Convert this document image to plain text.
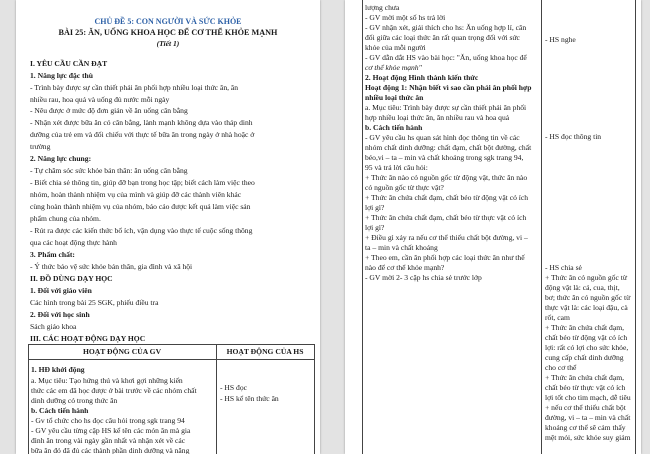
CHỦ ĐỀ 5: CON NGƯỜI VÀ SỨC KHỎE
BÀI 25: ĂN, UỐNG KHOA HỌC ĐỂ CƠ THỂ KHỎE MẠNH
(Tiết 1)
I. YÊU CẦU CẦN ĐẠT
1. Năng lực đặc thù
- Trình bày được sự cần thiết phải ăn phối hợp nhiều loại thức ăn, ăn
nhiều rau, hoa quả và uống đủ nước mỗi ngày
- Nêu được ở mức độ đơn giản về ăn uống cân bằng
- Nhận xét được bữa ăn có cân bằng, lành mạnh không dựa vào tháp dinh
dưỡng của trẻ em và đối chiếu với thực tế bữa ăn trong ngày ở nhà hoặc ở
trường
2. Năng lực chung:
- Tự chăm sóc sức khỏe bản thân: ăn uống cân bằng
- Biết chia sẻ thông tin, giúp đỡ bạn trong học tập; biết cách làm việc theo
nhóm, hoàn thành nhiệm vụ của mình và giúp đỡ các thành viên khác
cùng hoàn thành nhiệm vụ của nhóm, báo cáo được kết quả làm việc sản
phẩm chung của nhóm.
- Rút ra được các kiến thức bổ ích, vận dụng vào thực tế cuộc sống thông
qua các hoạt động thực hành
3. Phẩm chất:
- Ý thức bảo vệ sức khỏe bản thân, gia đình và xã hội
II. ĐỒ DÙNG DẠY HỌC
1. Đối với giáo viên
Các hình trong bài 25 SGK, phiếu điều tra
2. Đối với học sinh
Sách giáo khoa
III. CÁC HOẠT ĐỘNG DẠY HỌC
HOẠT ĐỘNG CỦA GV	HOẠT ĐỘNG CỦA HS
1. HĐ khởi động
a. Mục tiêu: Tạo hứng thú và khơi gợi những kiến
thức các em đã học được ở bài trước về các nhóm chất
dinh dưỡng có trong thức ăn
b. Cách tiến hành
- Gv tổ chức cho hs đọc câu hỏi trong sgk trang 94
- GV yêu cầu từng cặp HS kể tên các món ăn mà gia
đình ăn trong vài ngày gần nhất và nhận xét về các
bữa ăn đó đã đủ các thành phần dinh dưỡng và năng
- HS đọc
- HS kể tên thức ăn
lượng chưa
- GV mời một số hs trả lời
- GV nhận xét, giải thích cho hs: Ăn uống hợp lí, cân
đối giữa các loại thức ăn rất quan trọng đối với sức
khỏe của mỗi người
- GV dẫn dắt HS vào bài học: "Ăn, uống khoa học để
cơ thể khỏe mạnh"
2. Hoạt động Hình thành kiến thức
Hoạt động 1: Nhận biết vì sao cần phải ăn phối hợp
nhiều loại thức ăn
a. Mục tiêu: Trình bày được sự cần thiết phải ăn phối
hợp nhiều loại thức ăn, ăn nhiều rau và hoa quả
b. Cách tiến hành
- GV yêu cầu hs quan sát hình đọc thông tin về các
nhóm chất dinh dưỡng: chất đạm, chất bột đường, chất
béo,vi – ta – min và chất khoáng trong sgk trang 94,
95 và trả lời câu hỏi:
+ Thức ăn nào có nguồn gốc từ động vật, thức ăn nào
có nguồn gốc từ thực vật?
+ Thức ăn chứa chất đạm, chất béo từ động vật có ích
lợi gì?
+ Thức ăn chứa chất đạm, chất béo từ thực vật có ích
lợi gì?
+ Điều gì xảy ra nếu cơ thể thiếu chất bột đường, vi –
ta – min và chất khoáng
+ Theo em, cần ăn phối hợp các loại thức ăn như thế
nào để cơ thể khỏe mạnh?
- GV mời 2- 3 cặp hs chia sẻ trước lớp
- HS nghe
- HS đọc thông tin
- HS chia sẻ
+ Thức ăn có nguồn gốc từ
động vật là: cá, cua, thịt,
bơ; thức ăn có nguồn gốc từ
thực vật là: các loại đậu, cà
rốt, cam
+ Thức ăn chứa chất đạm,
chất béo từ động vật có ích
lợi: rất có lợi cho sức khỏe,
cung cấp chất dinh dưỡng
cho cơ thể
+ Thức ăn chứa chất đạm,
chất béo từ thực vật có ích
lợi tốt cho tim mạch, dễ tiêu
+ nếu cơ thể thiếu chất bột
đường, vi – ta – min và chất
khoáng cơ thể sẽ cảm thấy
mệt mỏi, sức khỏe suy giảm
